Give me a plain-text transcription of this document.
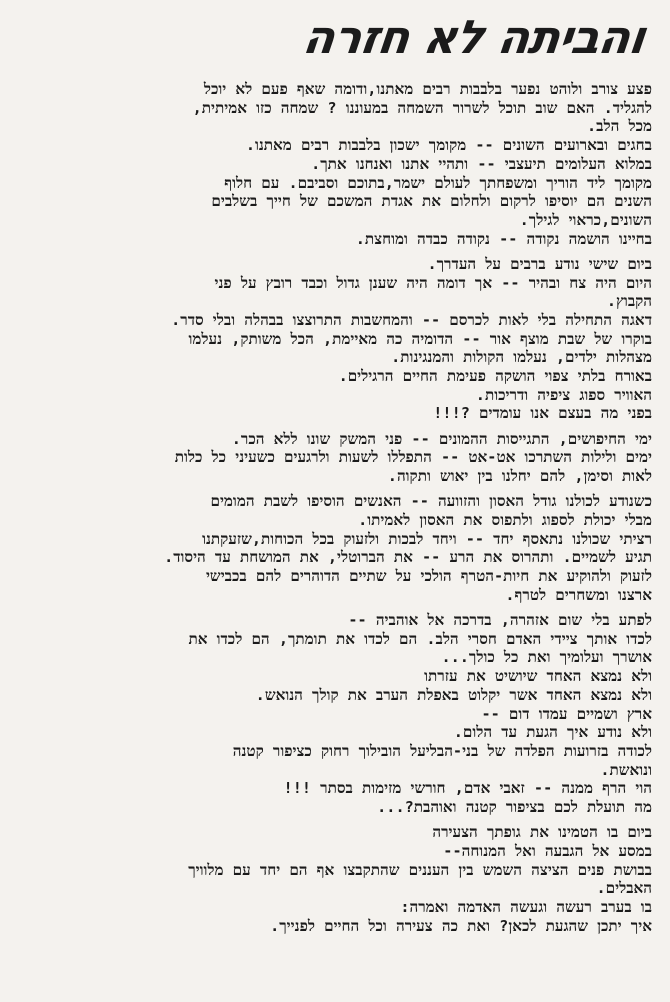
והביתה לא חזרה
פצע צורב ולוהט נפער בלבבות רבים מאתנו,ודומה שאף פעם לא יוכל
להגליד. האם שוב תוכל לשרור השמחה במעוננו ? שמחה כזו אמיתית,
מכל הלב.
בחגים ובארועים השונים -- מקומך ישכון בלבבות רבים מאתנו.
במלוא העלומים תיעצבי -- ותהיי אתנו ואנחנו אתך.
מקומך ליד הוריך ומשפחתך לעולם ישמר,בתוכם וסביבם. עם חלוף
השנים הם יוסיפו לרקום ולחלום את אגדת המשכם של חייך בשלבים
השונים,כראוי לגילך.
בחיינו הושמה נקודה -- נקודה כבדה ומוחצת.
ביום שישי נודע ברבים על העדרך.
היום היה צח ובהיר -- אך דומה היה שענן גדול וכבד רובץ על פני
הקבוץ.
דאגה התחילה בלי לאות לכרסם -- והמחשבות התרוצצו בבהלה ובלי סדר.
בוקרו של שבת מוצף אור -- הדומיה כה מאיימת, הכל משותק, נעלמו
מצהלות ילדים, נעלמו הקולות והמנגינות.
באורח בלתי צפוי הושקה פעימת החיים הרגילים.
האוויר ספוג ציפיה ודריכות.
בפני מה בעצם אנו עומדים ?!!!
ימי החיפושים, התגייסות ההמונים -- פני המשק שונו ללא הכר.
ימים ולילות השתרכו אט-אט -- התפללו לשעות ולרגעים כשעיני כל כלות
לאות וסימן, להם יחלנו בין יאוש ותקוה.
כשנודע לכולנו גודל האסון והזוועה -- האנשים הוסיפו לשבת המומים
מבלי יכולת לספוג ולתפוס את האסון לאמיתו.
רציתי שכולנו נתאסף יחד -- ויחד לבכות ולזעוק בכל הכוחות,שזעקתנו
תגיע לשמיים. ותהרוס את הרע -- את הברוטלי, את המושחת עד היסוד.
לזעוק ולהוקיע את חיות-הטרף הולכי על שתיים הדוהרים להם בכבישי
ארצנו ומשחרים לטרף.
לפתע בלי שום אזהרה, בדרכה אל אוהביה --
לכדו אותך ציידי האדם חסרי הלב. הם לכדו את תומתך, הם לכדו את
אושרך ועלומיך ואת כל כולך...
ולא נמצא האחד שיושיט את עזרתו
ולא נמצא האחד אשר יקלוט באפלת הערב את קולך הנואש.
ארץ ושמיים עמדו דום --
ולא נודע איך הגעת עד הלום.
לכודה בזרועות הפלדה של בני-הבליעל הובילוך רחוק כציפור קטנה
ונואשת.
הוי הרף ממנה -- זאבי אדם, חורשי מזימות בסתר !!!
מה תועלת לכם בציפור קטנה ואוהבת?...
ביום בו הטמינו את גופתך הצעירה
במסע אל הגבעה ואל המנוחה--
בבושת פנים הציצה השמש בין העננים שהתקבצו אף הם יחד עם מלוויך
האבלים.
בו בערב רעשה וגעשה האדמה ואמרה:
איך יתכן שהגעת לכאן? ואת כה צעירה וכל החיים לפנייך.
